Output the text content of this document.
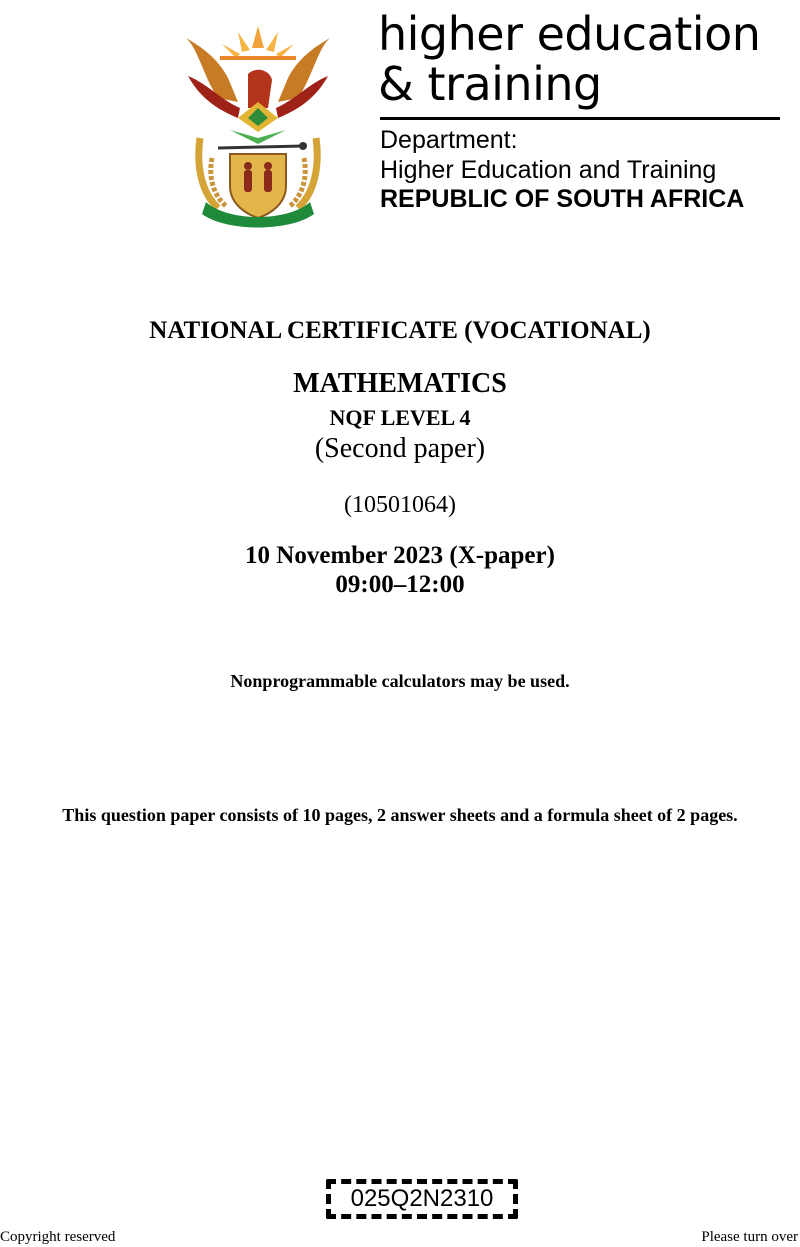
higher education
& training
Department:
Higher Education and Training
REPUBLIC OF SOUTH AFRICA
NATIONAL CERTIFICATE (VOCATIONAL)
MATHEMATICS
NQF LEVEL 4
(Second paper)
(10501064)
10 November 2023 (X-paper)
09:00–12:00
Nonprogrammable calculators may be used.
This question paper consists of 10 pages, 2 answer sheets and a formula sheet of 2 pages.
025Q2N2310
Copyright reserved	Please turn over
